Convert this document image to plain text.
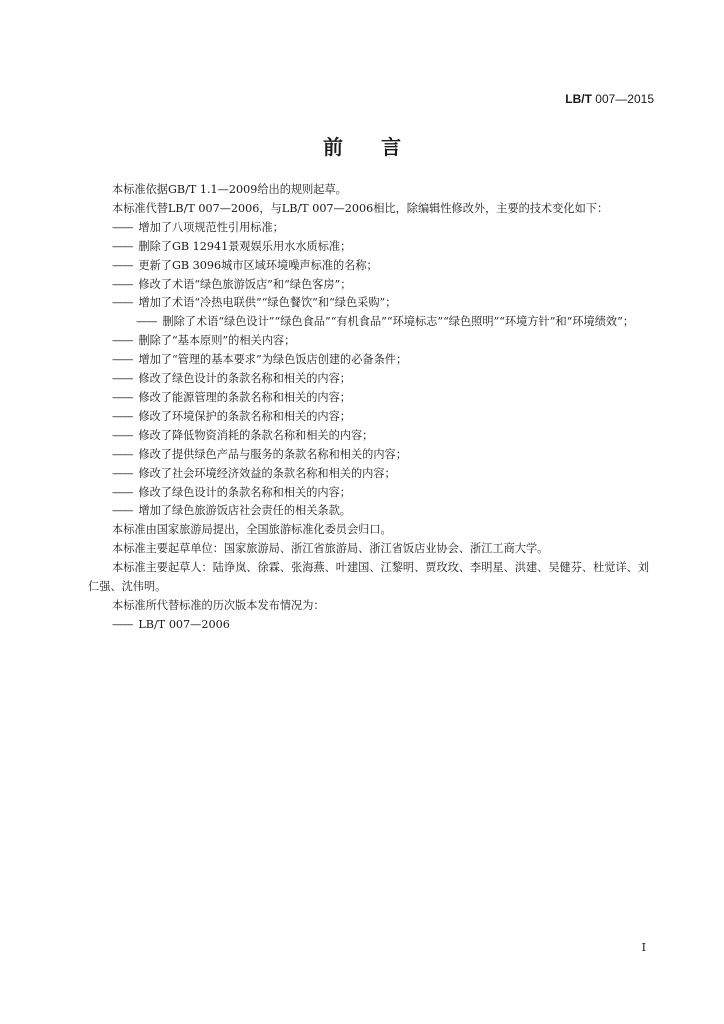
LB/T 007—2015
前言

本标准依据GB/T 1.1—2009给出的规则起草。

本标准代替LB/T 007—2006，与LB/T 007—2006相比，除编辑性修改外，主要的技术变化如下：

—— 增加了八项规范性引用标准；

—— 删除了GB 12941景观娱乐用水水质标准；

—— 更新了GB 3096城市区域环境噪声标准的名称；

—— 修改了术语“绿色旅游饭店”和“绿色客房”；

—— 增加了术语“冷热电联供”“绿色餐饮”和“绿色采购”；

—— 删除了术语“绿色设计”“绿色食品”“有机食品”“环境标志”“绿色照明”“环境方针”和“环境绩效”；

—— 删除了“基本原则”的相关内容；

—— 增加了“管理的基本要求”为绿色饭店创建的必备条件；

—— 修改了绿色设计的条款名称和相关的内容；

—— 修改了能源管理的条款名称和相关的内容；

—— 修改了环境保护的条款名称和相关的内容；

—— 修改了降低物资消耗的条款名称和相关的内容；

—— 修改了提供绿色产品与服务的条款名称和相关的内容；

—— 修改了社会环境经济效益的条款名称和相关的内容；

—— 修改了绿色设计的条款名称和相关的内容；

—— 增加了绿色旅游饭店社会责任的相关条款。

本标准由国家旅游局提出，全国旅游标准化委员会归口。

本标准主要起草单位：国家旅游局、浙江省旅游局、浙江省饭店业协会、浙江工商大学。

本标准主要起草人：陆诤岚、徐霖、张海燕、叶建国、江黎明、贾玫玫、李明星、洪建、吴健芬、杜觉详、刘仁强、沈伟明。

本标准所代替标准的历次版本发布情况为：

—— LB/T 007—2006

I
